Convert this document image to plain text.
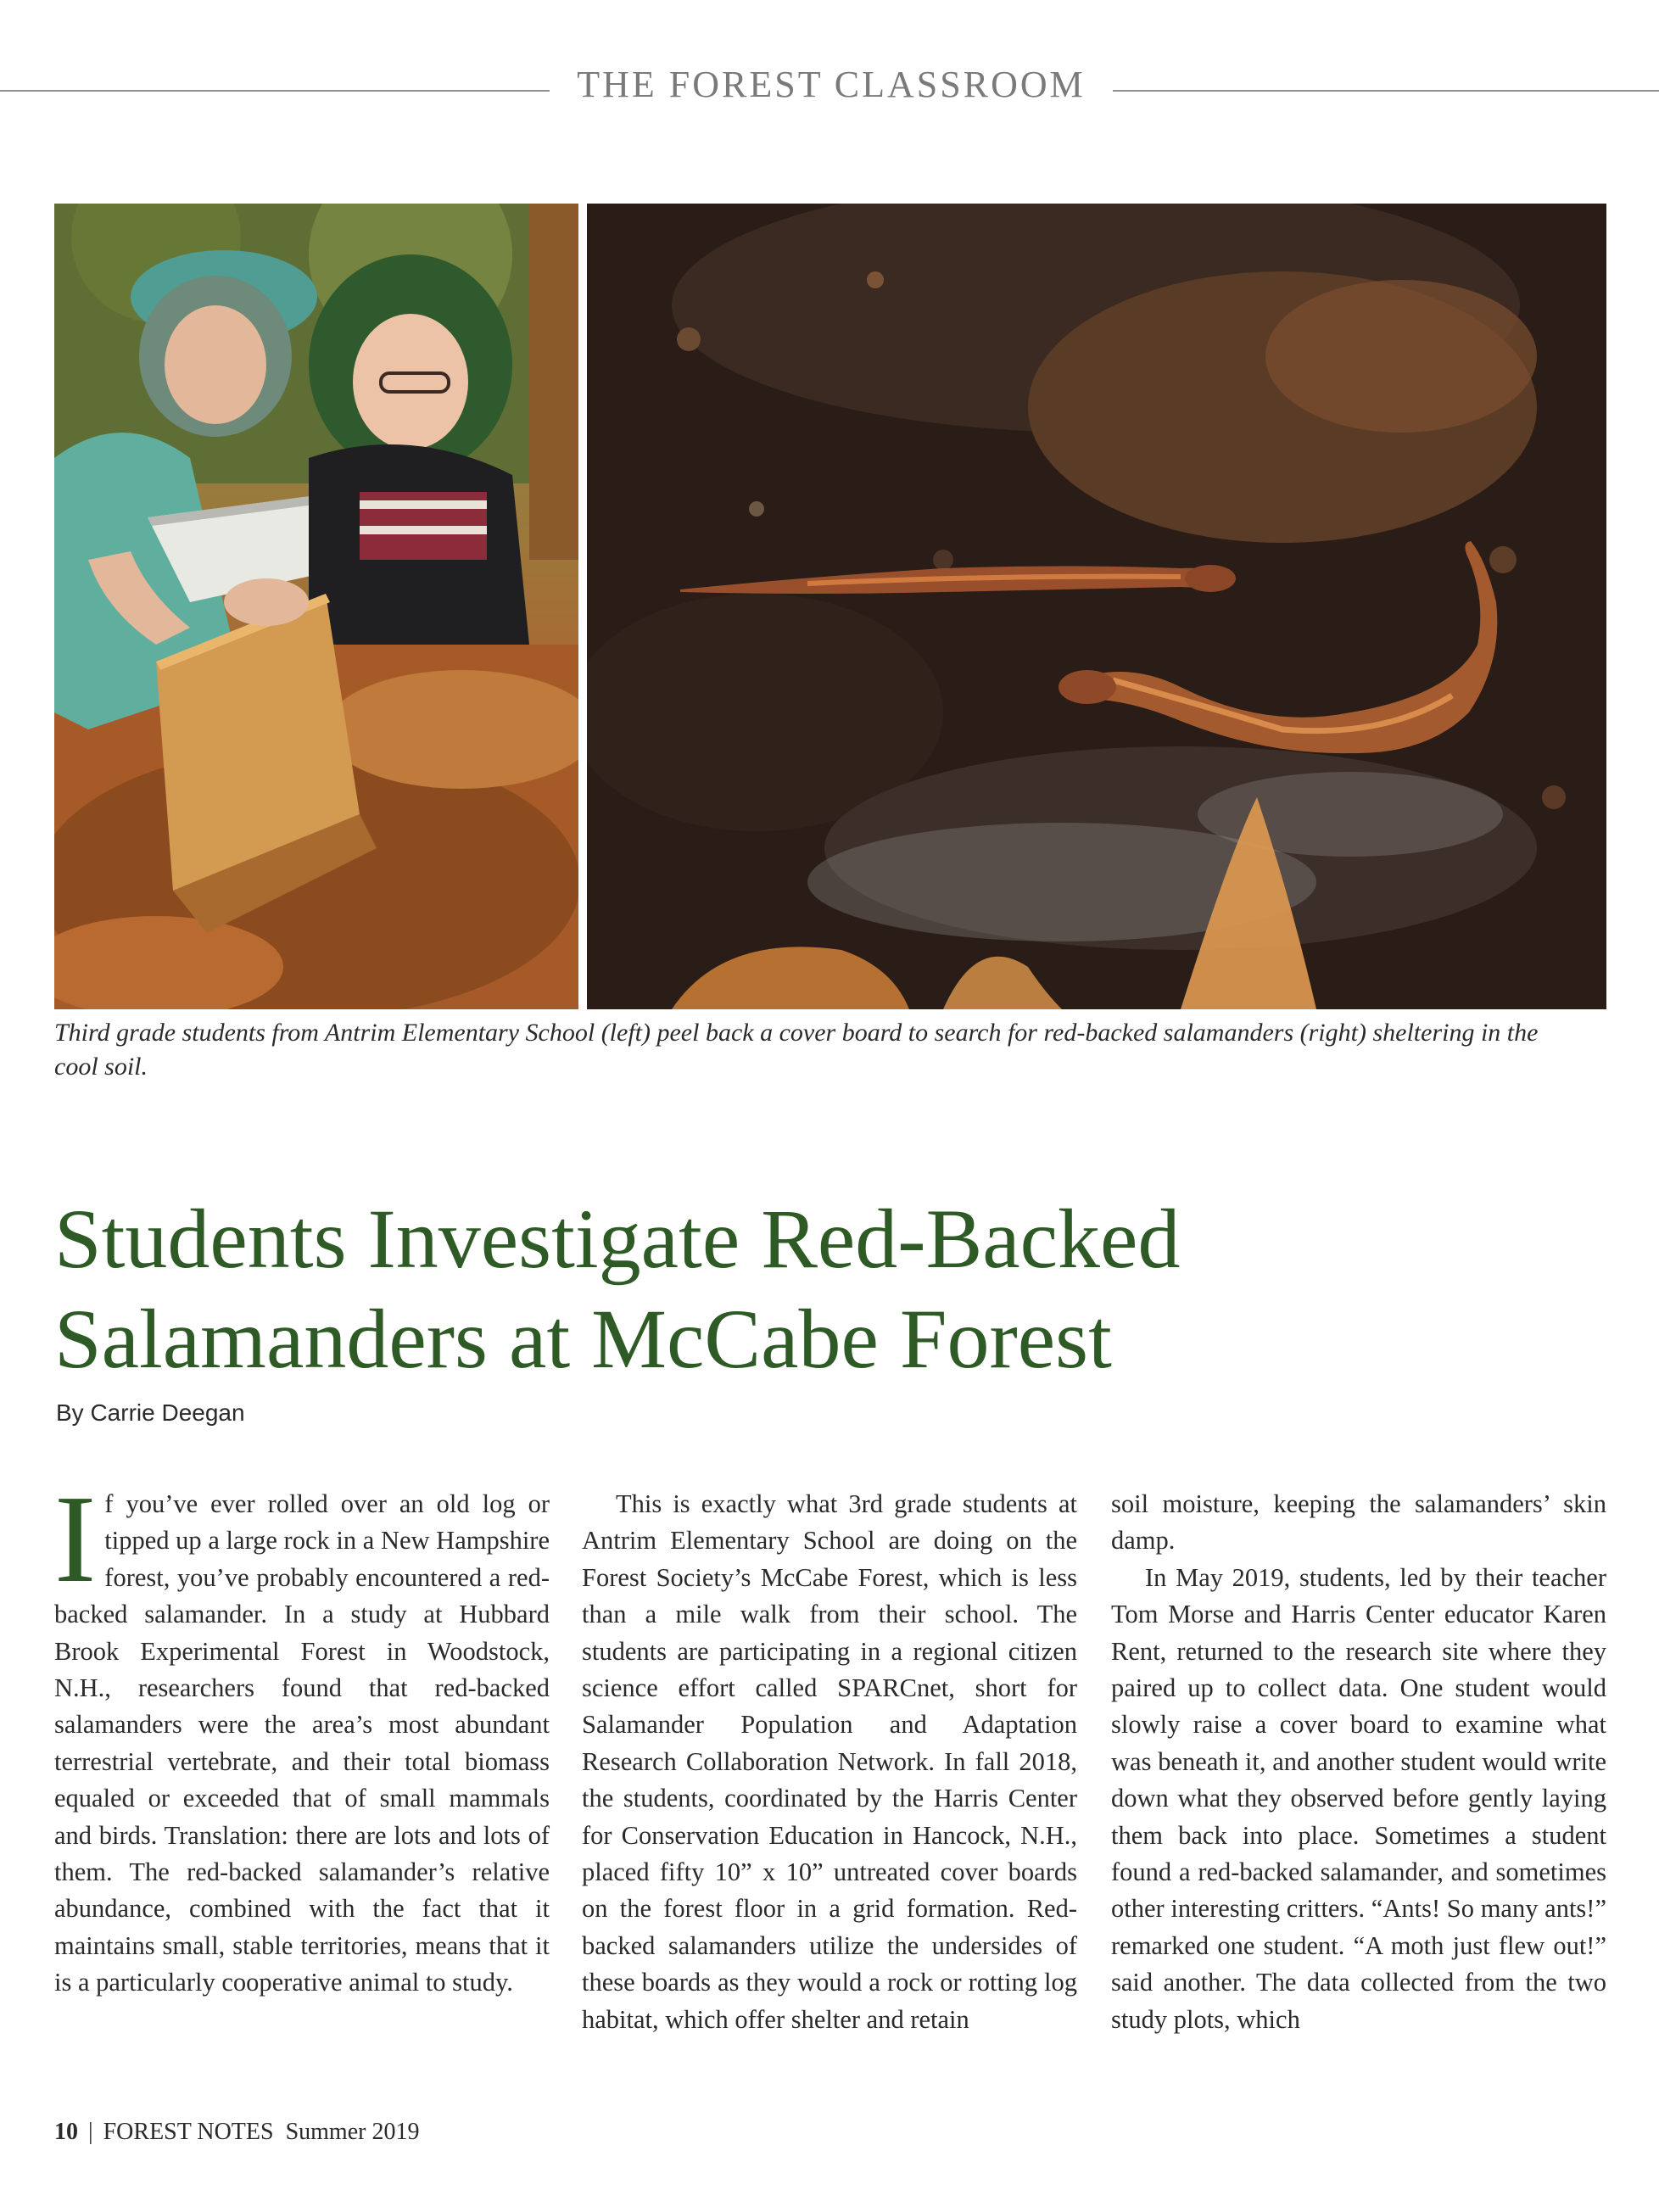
THE FOREST CLASSROOM
Third grade students from Antrim Elementary School (left) peel back a cover board to search for red-backed salamanders (right) sheltering in the cool soil.
Students Investigate Red-Backed
Salamanders at McCabe Forest
By Carrie Deegan

If you’ve ever rolled over an old log or tipped up a large rock in a New Hampshire forest, you’ve probably encountered a red-backed salamander. In a study at Hubbard Brook Experimental Forest in Woodstock, N.H., researchers found that red-backed salamanders were the area’s most abundant terrestrial vertebrate, and their total biomass equaled or exceeded that of small mammals and birds. Translation: there are lots and lots of them. The red-backed salamander’s relative abundance, combined with the fact that it maintains small, stable territories, means that it is a particularly cooperative animal to study.

This is exactly what 3rd grade students at Antrim Elementary School are doing on the Forest Society’s McCabe Forest, which is less than a mile walk from their school. The students are participating in a regional citizen science effort called SPARCnet, short for Salamander Population and Adaptation Research Collaboration Network. In fall 2018, the students, coordinated by the Harris Center for Conservation Education in Hancock, N.H., placed fifty 10” x 10” untreated cover boards on the forest floor in a grid formation. Red-backed salamanders utilize the undersides of these boards as they would a rock or rotting log habitat, which offer shelter and retain

soil moisture, keeping the salamanders’ skin damp.

In May 2019, students, led by their teacher Tom Morse and Harris Center educator Karen Rent, returned to the research site where they paired up to collect data. One student would slowly raise a cover board to examine what was beneath it, and another student would write down what they observed before gently laying them back into place. Sometimes a student found a red-backed salamander, and sometimes other interesting critters. “Ants! So many ants!” remarked one student. “A moth just flew out!” said another. The data collected from the two study plots, which

10 | FOREST NOTES Summer 2019
